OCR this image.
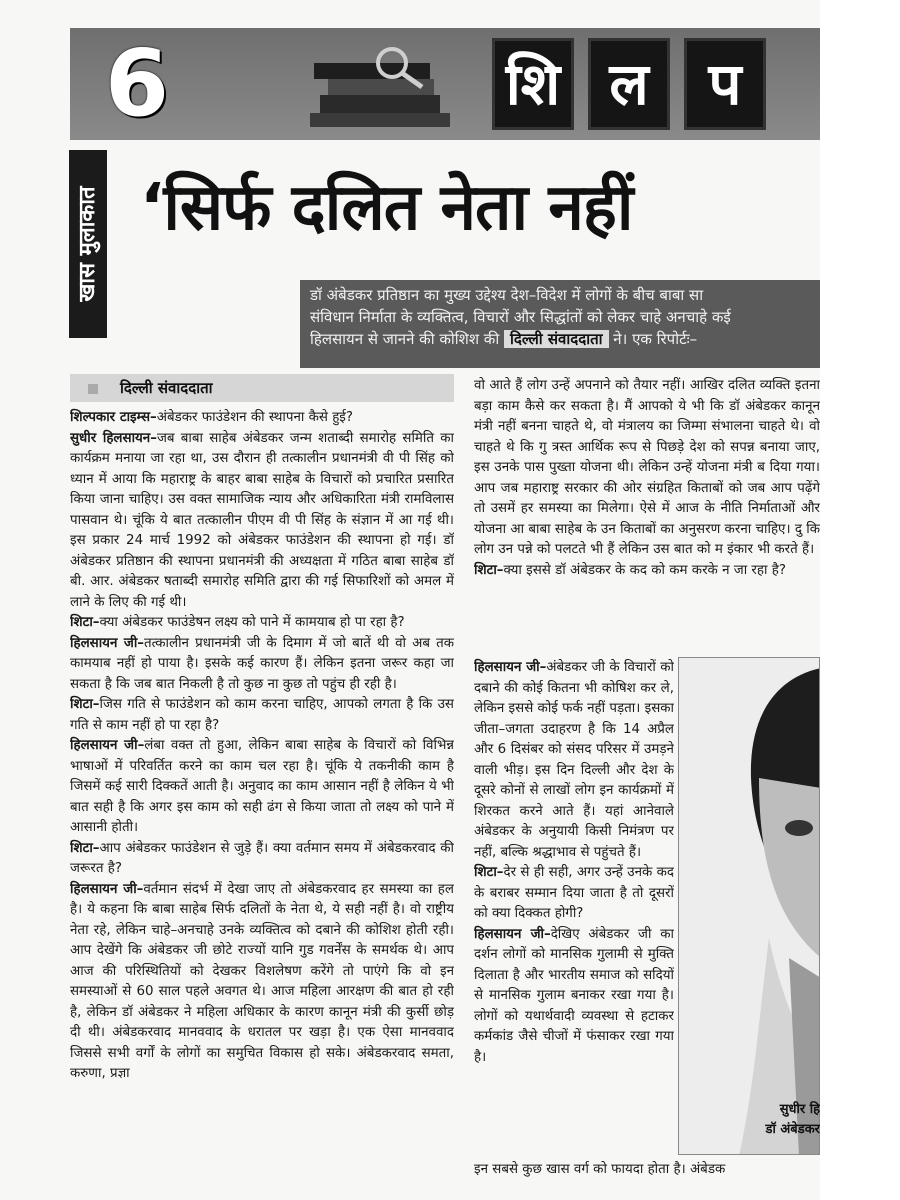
6	शि ल	प
खास मुलाकात ‘सिर्फ दलित नेता नहीं
डॉ अंबेडकर प्रतिष्ठान का मुख्य उद्देश्य देश–विदेश में लोगों के बीच बाबा सा
संविधान निर्माता के व्यक्तित्व, विचारों और सिद्धांतों को लेकर चाहे अनचाहे कई
हिलसायन से जानने की कोशिश की दिल्ली संवाददाता ने। एक रिपोर्टः–
दिल्ली संवाददाता

शिल्पकार टाइम्स–अंबेडकर फाउंडेशन की स्थापना कैसे हुई?

सुधीर हिलसायन–जब बाबा साहेब अंबेडकर जन्म शताब्दी समारोह समिति का कार्यक्रम मनाया जा रहा था, उस दौरान ही तत्कालीन प्रधानमंत्री वी पी सिंह को ध्यान में आया कि महाराष्ट्र के बाहर बाबा साहेब के विचारों को प्रचारित प्रसारित किया जाना चाहिए। उस वक्त सामाजिक न्याय और अधिकारिता मंत्री रामविलास पासवान थे। चूंकि ये बात तत्कालीन पीएम वी पी सिंह के संज्ञान में आ गई थी। इस प्रकार 24 मार्च 1992 को अंबेडकर फाउंडेशन की स्थापना हो गई। डॉ अंबेडकर प्रतिष्ठान की स्थापना प्रधानमंत्री की अध्यक्षता में गठित बाबा साहेब डॉ बी. आर. अंबेडकर षताब्दी समारोह समिति द्वारा की गई सिफारिशों को अमल में लाने के लिए की गई थी।

शिटा–क्या अंबेडकर फाउंडेषन लक्ष्य को पाने में कामयाब हो पा रहा है?

हिलसायन जी–तत्कालीन प्रधानमंत्री जी के दिमाग में जो बातें थी वो अब तक कामयाब नहीं हो पाया है। इसके कई कारण हैं। लेकिन इतना जरूर कहा जा सकता है कि जब बात निकली है तो कुछ ना कुछ तो पहुंच ही रही है।

शिटा–जिस गति से फाउंडेशन को काम करना चाहिए, आपको लगता है कि उस गति से काम नहीं हो पा रहा है?

हिलसायन जी–लंबा वक्त तो हुआ, लेकिन बाबा साहेब के विचारों को विभिन्न भाषाओं में परिवर्तित करने का काम चल रहा है। चूंकि ये तकनीकी काम है जिसमें कई सारी दिक्कतें आती है। अनुवाद का काम आसान नहीं है लेकिन ये भी बात सही है कि अगर इस काम को सही ढंग से किया जाता तो लक्ष्य को पाने में आसानी होती।

शिटा–आप अंबेडकर फाउंडेशन से जुड़े हैं। क्या वर्तमान समय में अंबेडकरवाद की जरूरत है?

हिलसायन जी–वर्तमान संदर्भ में देखा जाए तो अंबेडकरवाद हर समस्या का हल है। ये कहना कि बाबा साहेब सिर्फ दलितों के नेता थे, ये सही नहीं है। वो राष्ट्रीय नेता रहे, लेकिन चाहे–अनचाहे उनके व्यक्तित्व को दबाने की कोशिश होती रही। आप देखेंगे कि अंबेडकर जी छोटे राज्यों यानि गुड गवर्नेंस के समर्थक थे। आप आज की परिस्थितियों को देखकर विशलेषण करेंगे तो पाएंगे कि वो इन समस्याओं से 60 साल पहले अवगत थे। आज महिला आरक्षण की बात हो रही है, लेकिन डॉ अंबेडकर ने महिला अधिकार के कारण कानून मंत्री की कुर्सी छोड़ दी थी। अंबेडकरवाद मानववाद के धरातल पर खड़ा है। एक ऐसा मानववाद जिससे सभी वर्गों के लोगों का समुचित विकास हो सके। अंबेडकरवाद समता, करुणा, प्रज्ञा

वो आते हैं लोग उन्हें अपनाने को तैयार नहीं। आखिर दलित व्यक्ति इतना बड़ा काम कैसे कर सकता है। मैं आपको ये भी कि डॉ अंबेडकर कानून मंत्री नहीं बनना चाहते थे, वो मंत्रालय का जिम्मा संभालना चाहते थे। वो चाहते थे कि गु त्रस्त आर्थिक रूप से पिछड़े देश को सपन्न बनाया जाए, इस उनके पास पुख्ता योजना थी। लेकिन उन्हें योजना मंत्री ब दिया गया। आप जब महाराष्ट्र सरकार की ओर संग्रहित किताबों को जब आप पढ़ेंगे तो उसमें हर समस्या का मिलेगा। ऐसे में आज के नीति निर्माताओं और योजना आ बाबा साहेब के उन किताबों का अनुसरण करना चाहिए। दु कि लोग उन पन्ने को पलटते भी हैं लेकिन उस बात को म इंकार भी करते हैं।

शिटा–क्या इससे डॉ अंबेडकर के कद को कम करके न जा रहा है?

हिलसायन जी–अंबेडकर जी के विचारों को दबाने की कोई कितना भी कोषिश कर ले, लेकिन इससे कोई फर्क नहीं पड़ता। इसका जीता–जगता उदाहरण है कि 14 अप्रैल और 6 दिसंबर को संसद परिसर में उमड़ने वाली भीड़। इस दिन दिल्ली और देश के दूसरे कोनों से लाखों लोग इन कार्यक्रमों में शिरकत करने आते हैं। यहां आनेवाले अंबेडकर के अनुयायी किसी निमंत्रण पर नहीं, बल्कि श्रद्धाभाव से पहुंचते हैं।

शिटा–देर से ही सही, अगर उन्हें उनके कद के बराबर सम्मान दिया जाता है तो दूसरों को क्या दिक्कत होगी?

हिलसायन जी–देखिए अंबेडकर जी का दर्शन लोगों को मानसिक गुलामी से मुक्ति दिलाता है और भारतीय समाज को सदियों से मानसिक गुलाम बनाकर रखा गया है। लोगों को यथार्थवादी व्यवस्था से हटाकर कर्मकांड जैसे चीजों में फंसाकर रखा गया है।

इन सबसे कुछ खास वर्ग को फायदा होता है। अंबेडक
सुधीर हि
डॉ अंबेडकर
